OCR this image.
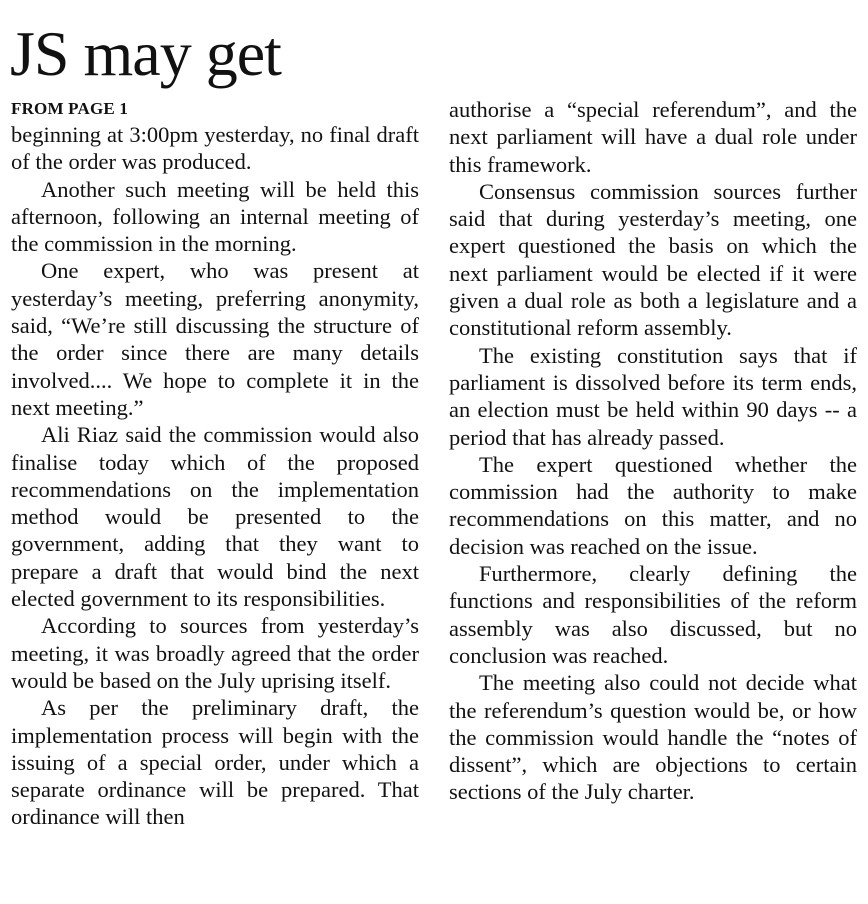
JS may get
FROM PAGE 1

beginning at 3:00pm yesterday, no final draft of the order was produced.

Another such meeting will be held this afternoon, following an internal meeting of the commission in the morning.

One expert, who was present at yesterday’s meeting, preferring anonymity, said, “We’re still discussing the structure of the order since there are many details involved.... We hope to complete it in the next meeting.”

Ali Riaz said the commission would also finalise today which of the proposed recommendations on the implementation method would be presented to the government, adding that they want to prepare a draft that would bind the next elected government to its responsibilities.

According to sources from yesterday’s meeting, it was broadly agreed that the order would be based on the July uprising itself.

As per the preliminary draft, the implementation process will begin with the issuing of a special order, under which a separate ordinance will be prepared. That ordinance will then

authorise a “special referendum”, and the next parliament will have a dual role under this framework.

Consensus commission sources further said that during yesterday’s meeting, one expert questioned the basis on which the next parliament would be elected if it were given a dual role as both a legislature and a constitutional reform assembly.

The existing constitution says that if parliament is dissolved before its term ends, an election must be held within 90 days -- a period that has already passed.

The expert questioned whether the commission had the authority to make recommendations on this matter, and no decision was reached on the issue.

Furthermore, clearly defining the functions and responsibilities of the reform assembly was also discussed, but no conclusion was reached.

The meeting also could not decide what the referendum’s question would be, or how the commission would handle the “notes of dissent”, which are objections to certain sections of the July charter.
